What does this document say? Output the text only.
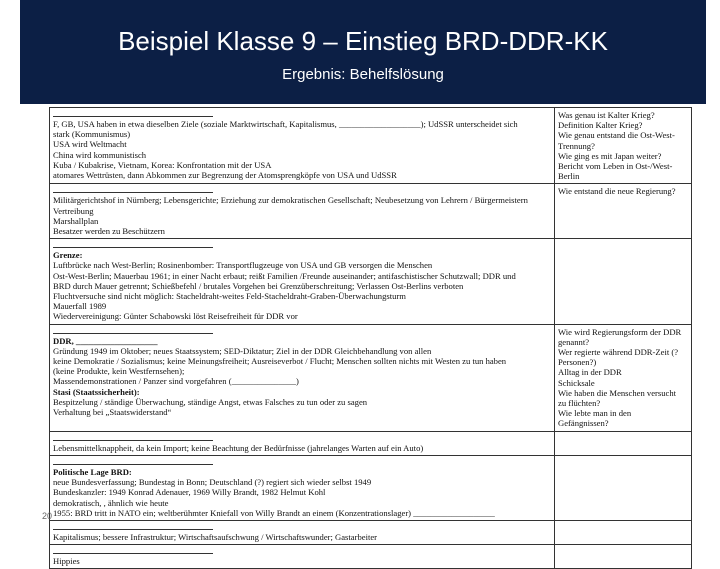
Beispiel Klasse 9 – Einstieg BRD-DDR-KK
Ergebnis: Behelfslösung
F, GB, USA haben in etwa dieselben Ziele (soziale Marktwirtschaft, Kapitalismus, ___________________); UdSSR unterscheidet sich
stark (Kommunismus)
USA wird Weltmacht
China wird kommunistisch
Kuba / Kubakrise, Vietnam, Korea: Konfrontation mit der USA
atomares Wettrüsten, dann Abkommen zur Begrenzung der Atomsprengköpfe von USA und UdSSR
Was genau ist Kalter Krieg?
Definition Kalter Krieg?
Wie genau entstand die Ost-West-
Trennung?
Wie ging es mit Japan weiter?
Bericht vom Leben in Ost-/West-
Berlin
Militärgerichtshof in Nürnberg; Lebensgerichte; Erziehung zur demokratischen Gesellschaft; Neubesetzung von Lehrern / Bürgermeistern
Vertreibung
Marshallplan
Besatzer werden zu Beschützern
Wie entstand die neue Regierung?
Grenze:
Luftbrücke nach West-Berlin; Rosinenbomber: Transportflugzeuge von USA und GB versorgen die Menschen
Ost-West-Berlin; Mauerbau 1961; in einer Nacht erbaut; reißt Familien /Freunde auseinander; antifaschistischer Schutzwall; DDR und
BRD durch Mauer getrennt; Schießbefehl / brutales Vorgehen bei Grenzüberschreitung; Verlassen Ost-Berlins verboten
Fluchtversuche sind nicht möglich: Stacheldraht-weites Feld-Stacheldraht-Graben-Überwachungsturm
Mauerfall 1989
Wiedervereinigung: Günter Schabowski löst Reisefreiheit für DDR vor
DDR, ___________________
Gründung 1949 im Oktober; neues Staatssystem; SED-Diktatur; Ziel in der DDR Gleichbehandlung von allen
keine Demokratie / Sozialismus; keine Meinungsfreiheit; Ausreiseverbot / Flucht; Menschen sollten nichts mit Westen zu tun haben
(keine Produkte, kein Westfernsehen);
Massendemonstrationen / Panzer sind vorgefahren (_______________)
Stasi (Staatssicherheit):
Bespitzelung / ständige Überwachung, ständige Angst, etwas Falsches zu tun oder zu sagen
Verhaltung bei „Staatswiderstand“
Wie wird Regierungsform der DDR
genannt?
Wer regierte während DDR-Zeit (?
Personen?)
Alltag in der DDR
Schicksale
Wie haben die Menschen versucht
zu flüchten?
Wie lebte man in den
Gefängnissen?
Lebensmittelknappheit, da kein Import; keine Beachtung der Bedürfnisse (jahrelanges Warten auf ein Auto)
Politische Lage BRD:
neue Bundesverfassung; Bundestag in Bonn; Deutschland (?) regiert sich wieder selbst 1949
Bundeskanzler: 1949 Konrad Adenauer, 1969 Willy Brandt, 1982 Helmut Kohl
demokratisch, , ähnlich wie heute
1955: BRD tritt in NATO ein; weltberühmter Kniefall von Willy Brandt an einem (Konzentrationslager) ___________________
Kapitalismus; bessere Infrastruktur; Wirtschaftsaufschwung / Wirtschaftswunder; Gastarbeiter
Hippies
20
